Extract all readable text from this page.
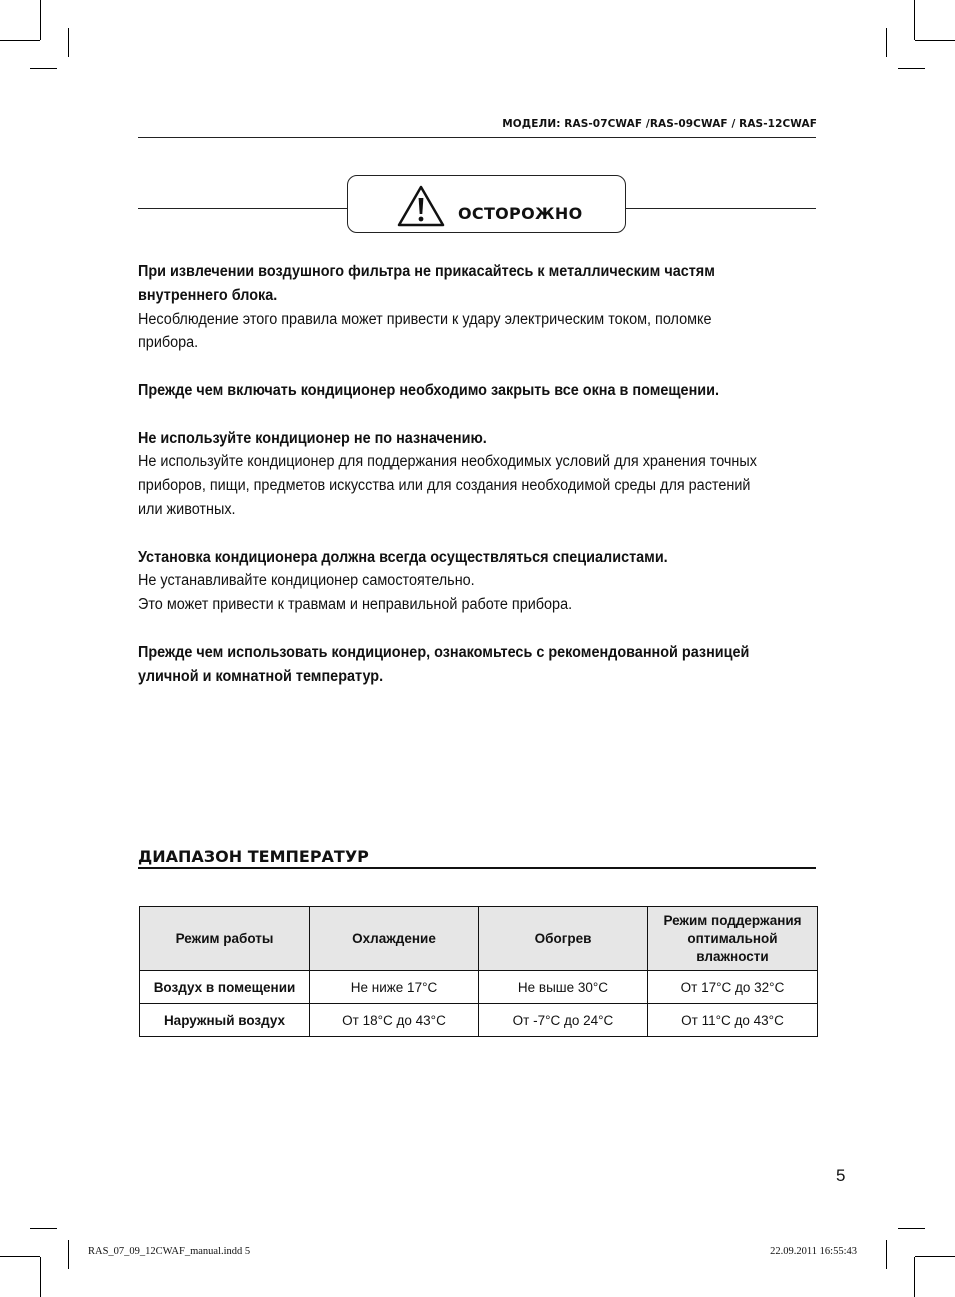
МОДЕЛИ: RAS-07CWAF /RAS-09CWAF / RAS-12CWAF
ОСТОРОЖНО

При извлечении воздушного фильтра не прикасайтесь к металлическим частям внутреннего блока.

Несоблюдение этого правила может привести к удару электрическим током, поломке прибора.

Прежде чем включать кондиционер необходимо закрыть все окна в помещении.

Не используйте кондиционер не по назначению.

Не используйте кондиционер для поддержания необходимых условий для хранения точных приборов, пищи, предметов искусства или для создания необходимой среды для растений или животных.

Установка кондиционера должна всегда осуществляться специалистами.

Не устанавливайте кондиционер самостоятельно.

Это может привести к травмам и неправильной работе прибора.

Прежде чем использовать кондиционер, ознакомьтесь с рекомендованной разницей уличной и комнатной температур.

ДИАПАЗОН ТЕМПЕРАТУР
Режим работы	Охлаждение	Обогрев	Режим поддержания оптимальной влажности
Воздух в помещении	Не ниже 17°C	Не выше 30°C	От 17°C до 32°C
Наружный воздух	От 18°C до 43°C	От -7°C до 24°C	От 11°C до 43°C
5
RAS_07_09_12CWAF_manual.indd 5	22.09.2011 16:55:43
